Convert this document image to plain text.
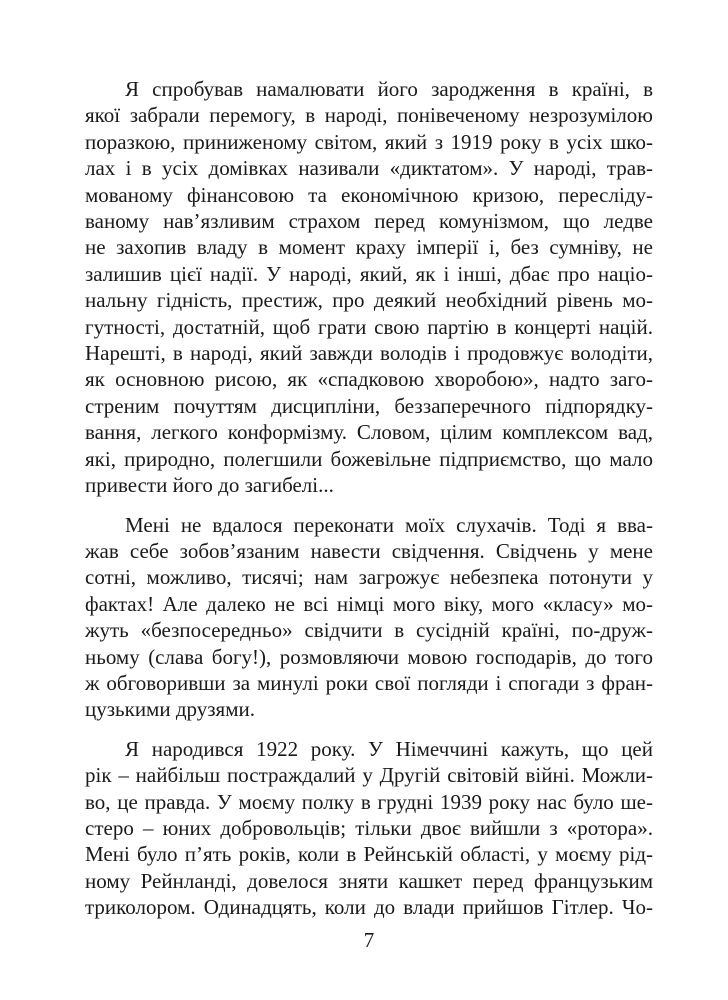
Я спробував намалювати його зародження в країні, в
якої забрали перемогу, в народі, понівеченому незрозумілою
поразкою, приниженому світом, який з 1919 року в усіх шко-
лах і в усіх домівках називали «диктатом». У народі, трав-
мованому фінансовою та економічною кризою, пересліду-
ваному нав’язливим страхом перед комунізмом, що ледве
не захопив владу в момент краху імперії і, без сумніву, не
залишив цієї надії. У народі, який, як і інші, дбає про націо-
нальну гідність, престиж, про деякий необхідний рівень мо-
гутності, достатній, щоб грати свою партію в концерті націй.
Нарешті, в народі, який завжди володів і продовжує володіти,
як основною рисою, як «спадковою хворобою», надто заго-
стреним почуттям дисципліни, беззаперечного підпорядку-
вання, легкого конформізму. Словом, цілим комплексом вад,
які, природно, полегшили божевільне підприємство, що мало
привести його до загибелі...
Мені не вдалося переконати моїх слухачів. Тоді я вва-
жав себе зобов’язаним навести свідчення. Свідчень у мене
сотні, можливо, тисячі; нам загрожує небезпека потонути у
фактах! Але далеко не всі німці мого віку, мого «класу» мо-
жуть «безпосередньо» свідчити в сусідній країні, по-друж-
ньому (слава богу!), розмовляючи мовою господарів, до того
ж обговоривши за минулі роки свої погляди і спогади з фран-
цузькими друзями.
Я народився 1922 року. У Німеччині кажуть, що цей
рік – найбільш постраждалий у Другій світовій війні. Можли-
во, це правда. У моєму полку в грудні 1939 року нас було ше-
стеро – юних добровольців; тільки двоє вийшли з «ротора».
Мені було п’ять років, коли в Рейнській області, у моєму рід-
ному Рейнланді, довелося зняти кашкет перед французьким
триколором. Одинадцять, коли до влади прийшов Гітлер. Чо-
7
